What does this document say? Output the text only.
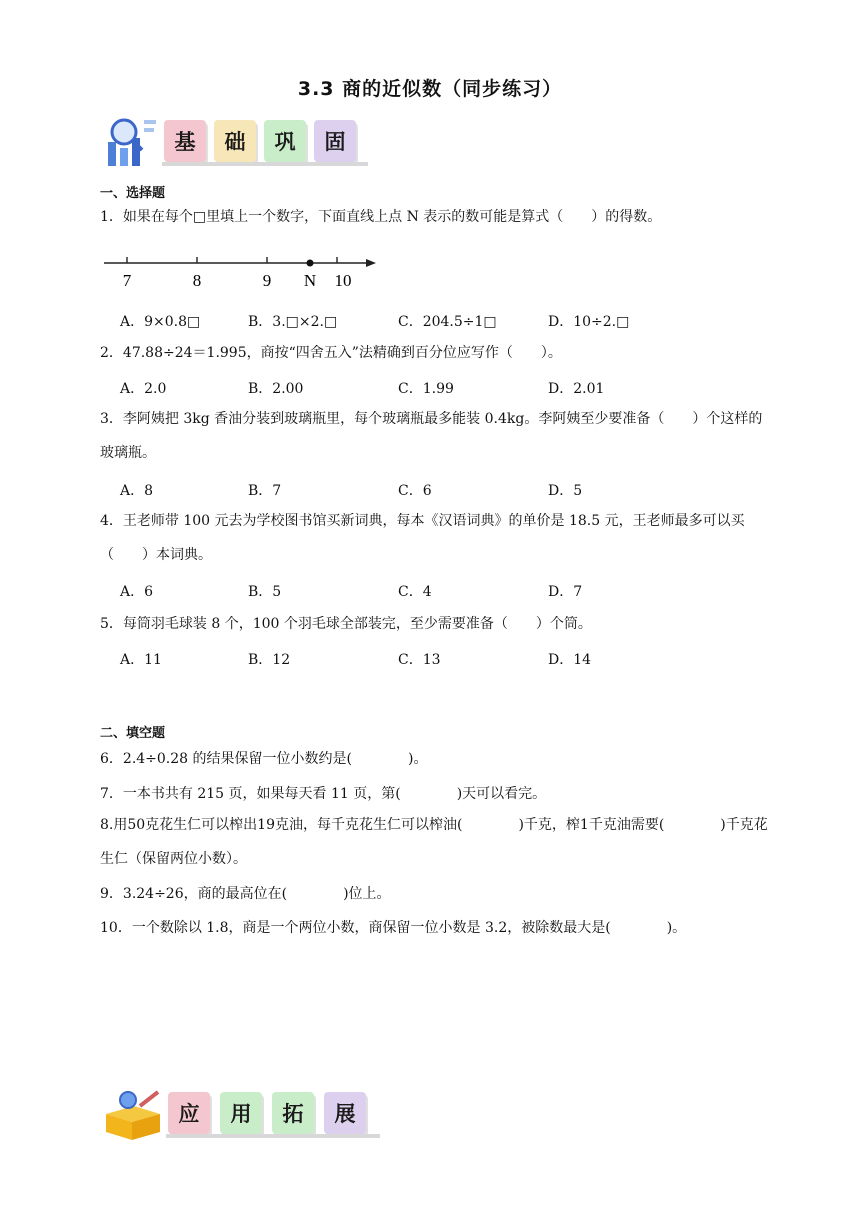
3.3 商的近似数（同步练习）
基	础	巩	固
一、选择题
1．如果在每个□里填上一个数字，下面直线上点 N 表示的数可能是算式（　　）的得数。
7	8	9 N 10
A．9×0.8□	B．3.□×2.□	C．204.5÷1□	D．10÷2.□
2．47.88÷24＝1.995，商按“四舍五入”法精确到百分位应写作（　　）。
A．2.0	B．2.00	C．1.99	D．2.01
3．李阿姨把 3kg 香油分装到玻璃瓶里，每个玻璃瓶最多能装 0.4kg。李阿姨至少要准备（　　）个这样的玻璃瓶。
A．8	B．7	C．6	D．5
4．王老师带 100 元去为学校图书馆买新词典，每本《汉语词典》的单价是 18.5 元，王老师最多可以买（　　）本词典。
A．6	B．5	C．4	D．7
5．每筒羽毛球装 8 个，100 个羽毛球全部装完，至少需要准备（　　）个筒。
A．11	B．12	C．13	D．14
二、填空题
6．2.4÷0.28 的结果保留一位小数约是(　　　　)。
7．一本书共有 215 页，如果每天看 11 页，第(　　　　)天可以看完。
8.用50克花生仁可以榨出19克油，每千克花生仁可以榨油(　　　　)千克，榨1千克油需要(　　　　)千克花生仁（保留两位小数）。
9．3.24÷26，商的最高位在(　　　　)位上。
10．一个数除以 1.8，商是一个两位小数，商保留一位小数是 3.2，被除数最大是(　　　　)。
应	用	拓	展
